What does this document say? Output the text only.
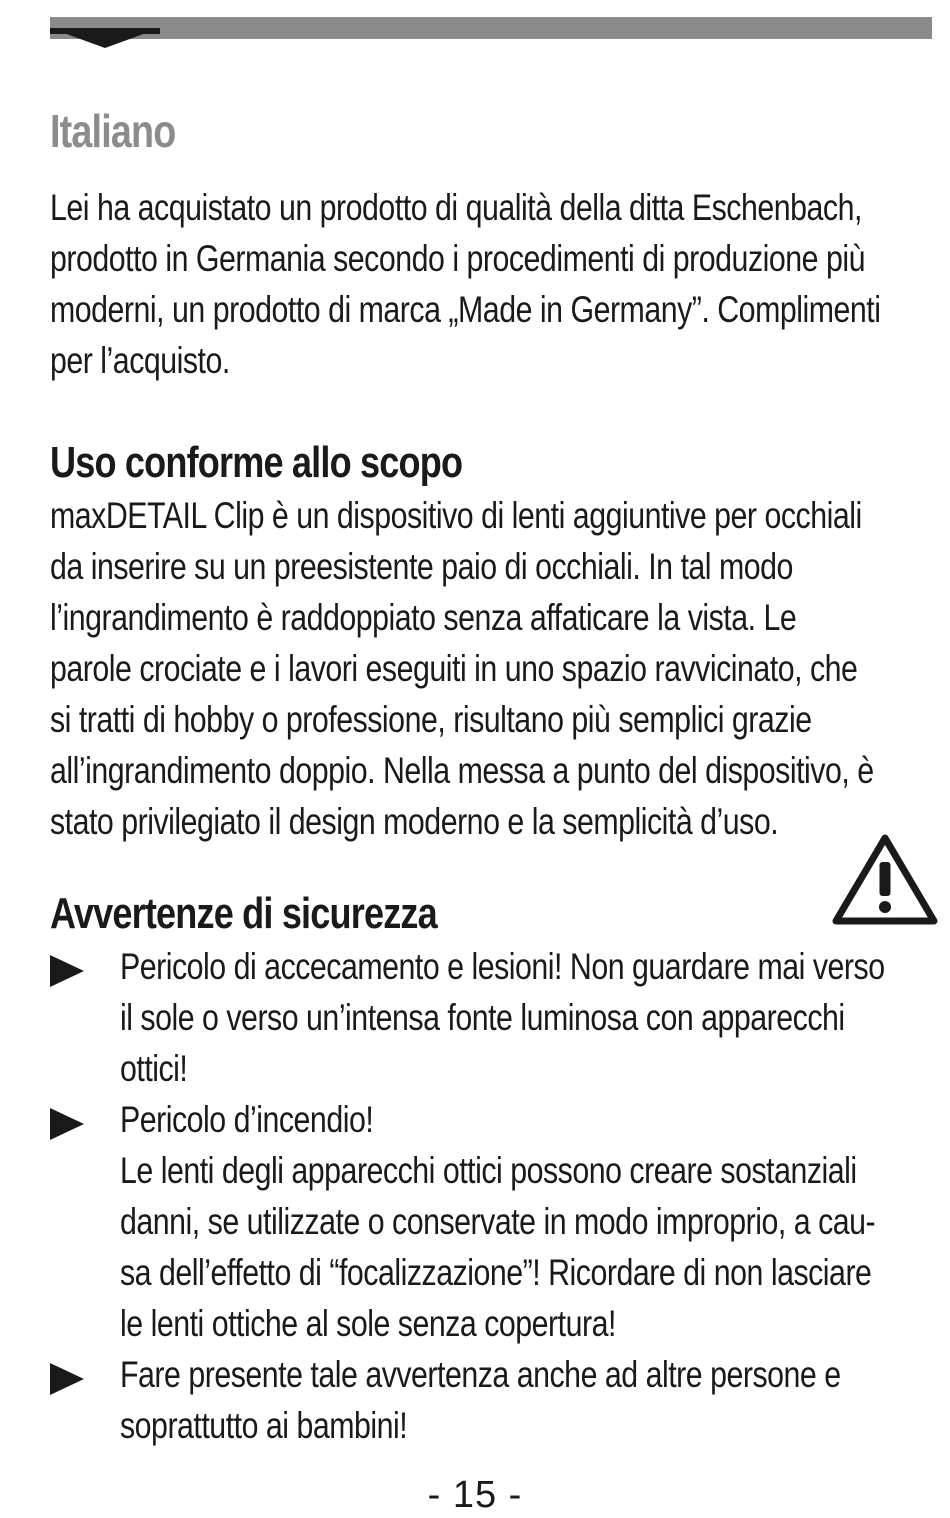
Italiano
Lei ha acquistato un prodotto di qualità della ditta Eschenbach,
prodotto in Germania secondo i procedimenti di produzione più
moderni, un prodotto di marca „Made in Germany”. Complimenti
per l’acquisto.
Uso conforme allo scopo
maxDETAIL Clip è un dispositivo di lenti aggiuntive per occhiali
da inserire su un preesistente paio di occhiali. In tal modo
l’ingrandimento è raddoppiato senza affaticare la vista. Le
parole crociate e i lavori eseguiti in uno spazio ravvicinato, che
si tratti di hobby o professione, risultano più semplici grazie
all’ingrandimento doppio. Nella messa a punto del dispositivo, è
stato privilegiato il design moderno e la semplicità d’uso.
Avvertenze di sicurezza
Pericolo di accecamento e lesioni! Non guardare mai verso
il sole o verso un’intensa fonte luminosa con apparecchi
ottici!
Pericolo d’incendio!
Le lenti degli apparecchi ottici possono creare sostanziali
danni, se utilizzate o conservate in modo improprio, a cau-
sa dell’effetto di “focalizzazione”! Ricordare di non lasciare
le lenti ottiche al sole senza copertura!
Fare presente tale avvertenza anche ad altre persone e
soprattutto ai bambini!
- 15 -
